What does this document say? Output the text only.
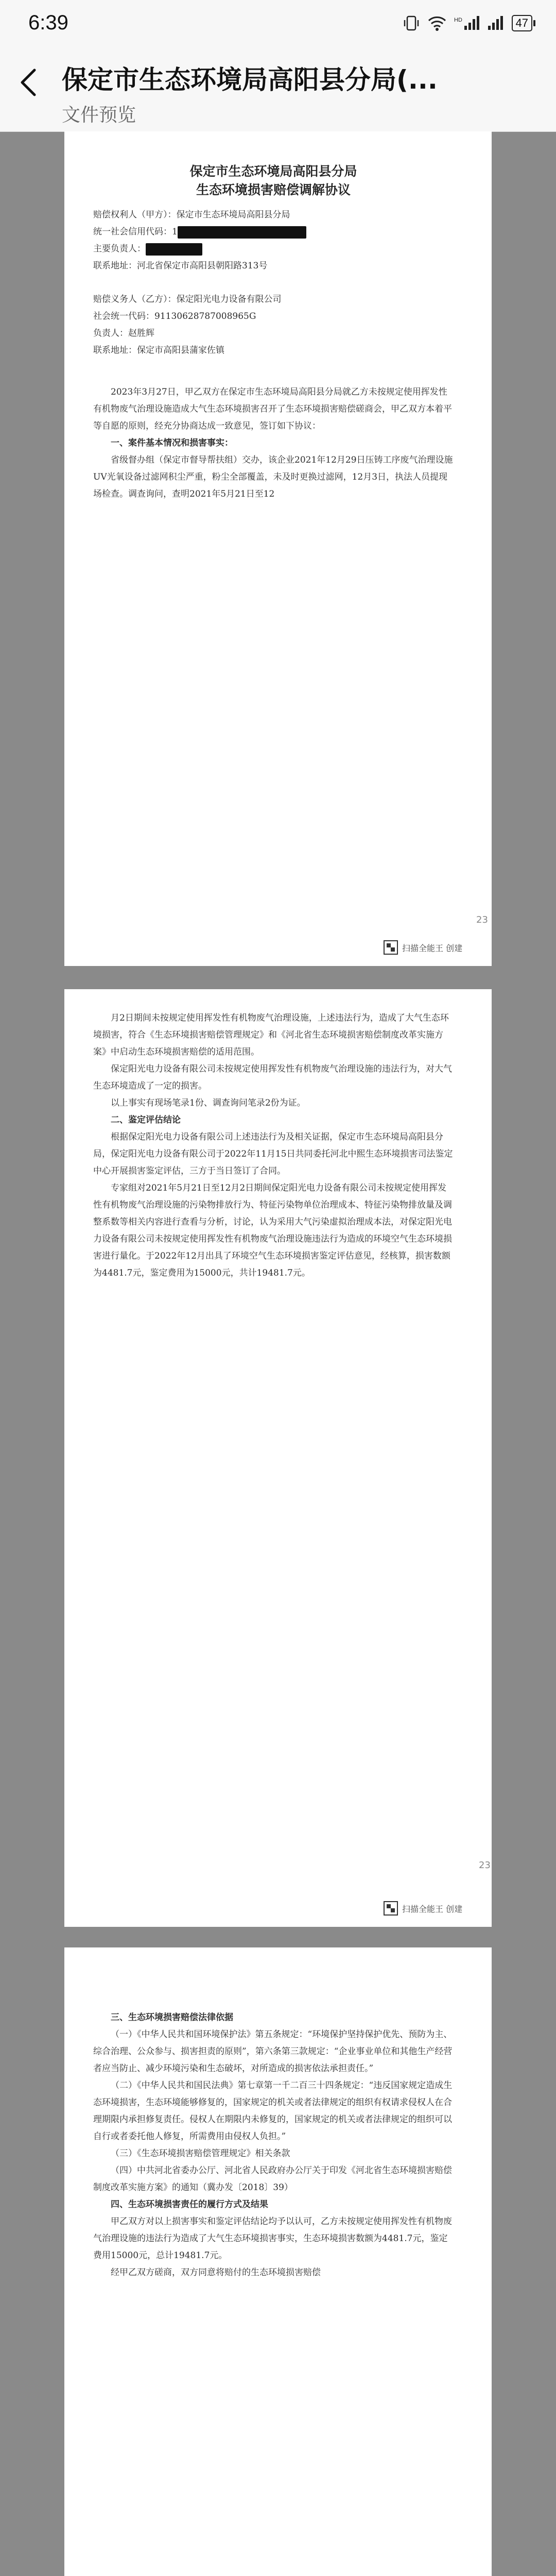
6:39	HD	47
保定市生态环境局高阳县分局(...
文件预览
保定市生态环境局高阳县分局
生态环境损害赔偿调解协议

赔偿权利人（甲方）：保定市生态环境局高阳县分局

统一社会信用代码：1

主要负责人：

联系地址：河北省保定市高阳县朝阳路313号

赔偿义务人（乙方）：保定阳光电力设备有限公司

社会统一代码：91130628787008965G

负责人：赵胜辉

联系地址：保定市高阳县蒲家佐镇

2023年3月27日，甲乙双方在保定市生态环境局高阳县分局就乙方未按规定使用挥发性有机物废气治理设施造成大气生态环境损害召开了生态环境损害赔偿磋商会，甲乙双方本着平等自愿的原则，经充分协商达成一致意见，签订如下协议：

一、案件基本情况和损害事实：

省级督办组（保定市督导帮扶组）交办，该企业2021年12月29日压铸工序废气治理设施UV光氧设备过滤网积尘严重，粉尘全部覆盖，未及时更换过滤网，12月3日，执法人员提现场检查。调查询问，查明2021年5月21日至12

23
扫描全能王 创建

月2日期间未按规定使用挥发性有机物废气治理设施，上述违法行为，造成了大气生态环境损害，符合《生态环境损害赔偿管理规定》和《河北省生态环境损害赔偿制度改革实施方案》中启动生态环境损害赔偿的适用范围。

保定阳光电力设备有限公司未按规定使用挥发性有机物废气治理设施的违法行为，对大气生态环境造成了一定的损害。

以上事实有现场笔录1份、调查询问笔录2份为证。

二、鉴定评估结论

根据保定阳光电力设备有限公司上述违法行为及相关证据，保定市生态环境局高阳县分局，保定阳光电力设备有限公司于2022年11月15日共同委托河北中熙生态环境损害司法鉴定中心开展损害鉴定评估，三方于当日签订了合同。

专家组对2021年5月21日至12月2日期间保定阳光电力设备有限公司未按规定使用挥发性有机物废气治理设施的污染物排放行为、特征污染物单位治理成本、特征污染物排放量及调整系数等相关内容进行查看与分析，讨论，认为采用大气污染虚拟治理成本法，对保定阳光电力设备有限公司未按规定使用挥发性有机物废气治理设施违法行为造成的环境空气生态环境损害进行量化。于2022年12月出具了环境空气生态环境损害鉴定评估意见，经核算，损害数额为4481.7元，鉴定费用为15000元，共计19481.7元。

23
扫描全能王 创建

三、生态环境损害赔偿法律依据

（一）《中华人民共和国环境保护法》第五条规定：“环境保护坚持保护优先、预防为主、综合治理、公众参与、损害担责的原则”，第六条第三款规定：“企业事业单位和其他生产经营者应当防止、减少环境污染和生态破坏，对所造成的损害依法承担责任。”

（二）《中华人民共和国民法典》第七章第一千二百三十四条规定：“违反国家规定造成生态环境损害，生态环境能够修复的，国家规定的机关或者法律规定的组织有权请求侵权人在合理期限内承担修复责任。侵权人在期限内未修复的，国家规定的机关或者法律规定的组织可以自行或者委托他人修复，所需费用由侵权人负担。”

（三）《生态环境损害赔偿管理规定》相关条款

（四）中共河北省委办公厅、河北省人民政府办公厅关于印发《河北省生态环境损害赔偿制度改革实施方案》的通知（冀办发〔2018〕39）

四、生态环境损害责任的履行方式及结果

甲乙双方对以上损害事实和鉴定评估结论均予以认可，乙方未按规定使用挥发性有机物废气治理设施的违法行为造成了大气生态环境损害事实，生态环境损害数额为4481.7元，鉴定费用15000元，总计19481.7元。

经甲乙双方磋商，双方同意将赔付的生态环境损害赔偿
